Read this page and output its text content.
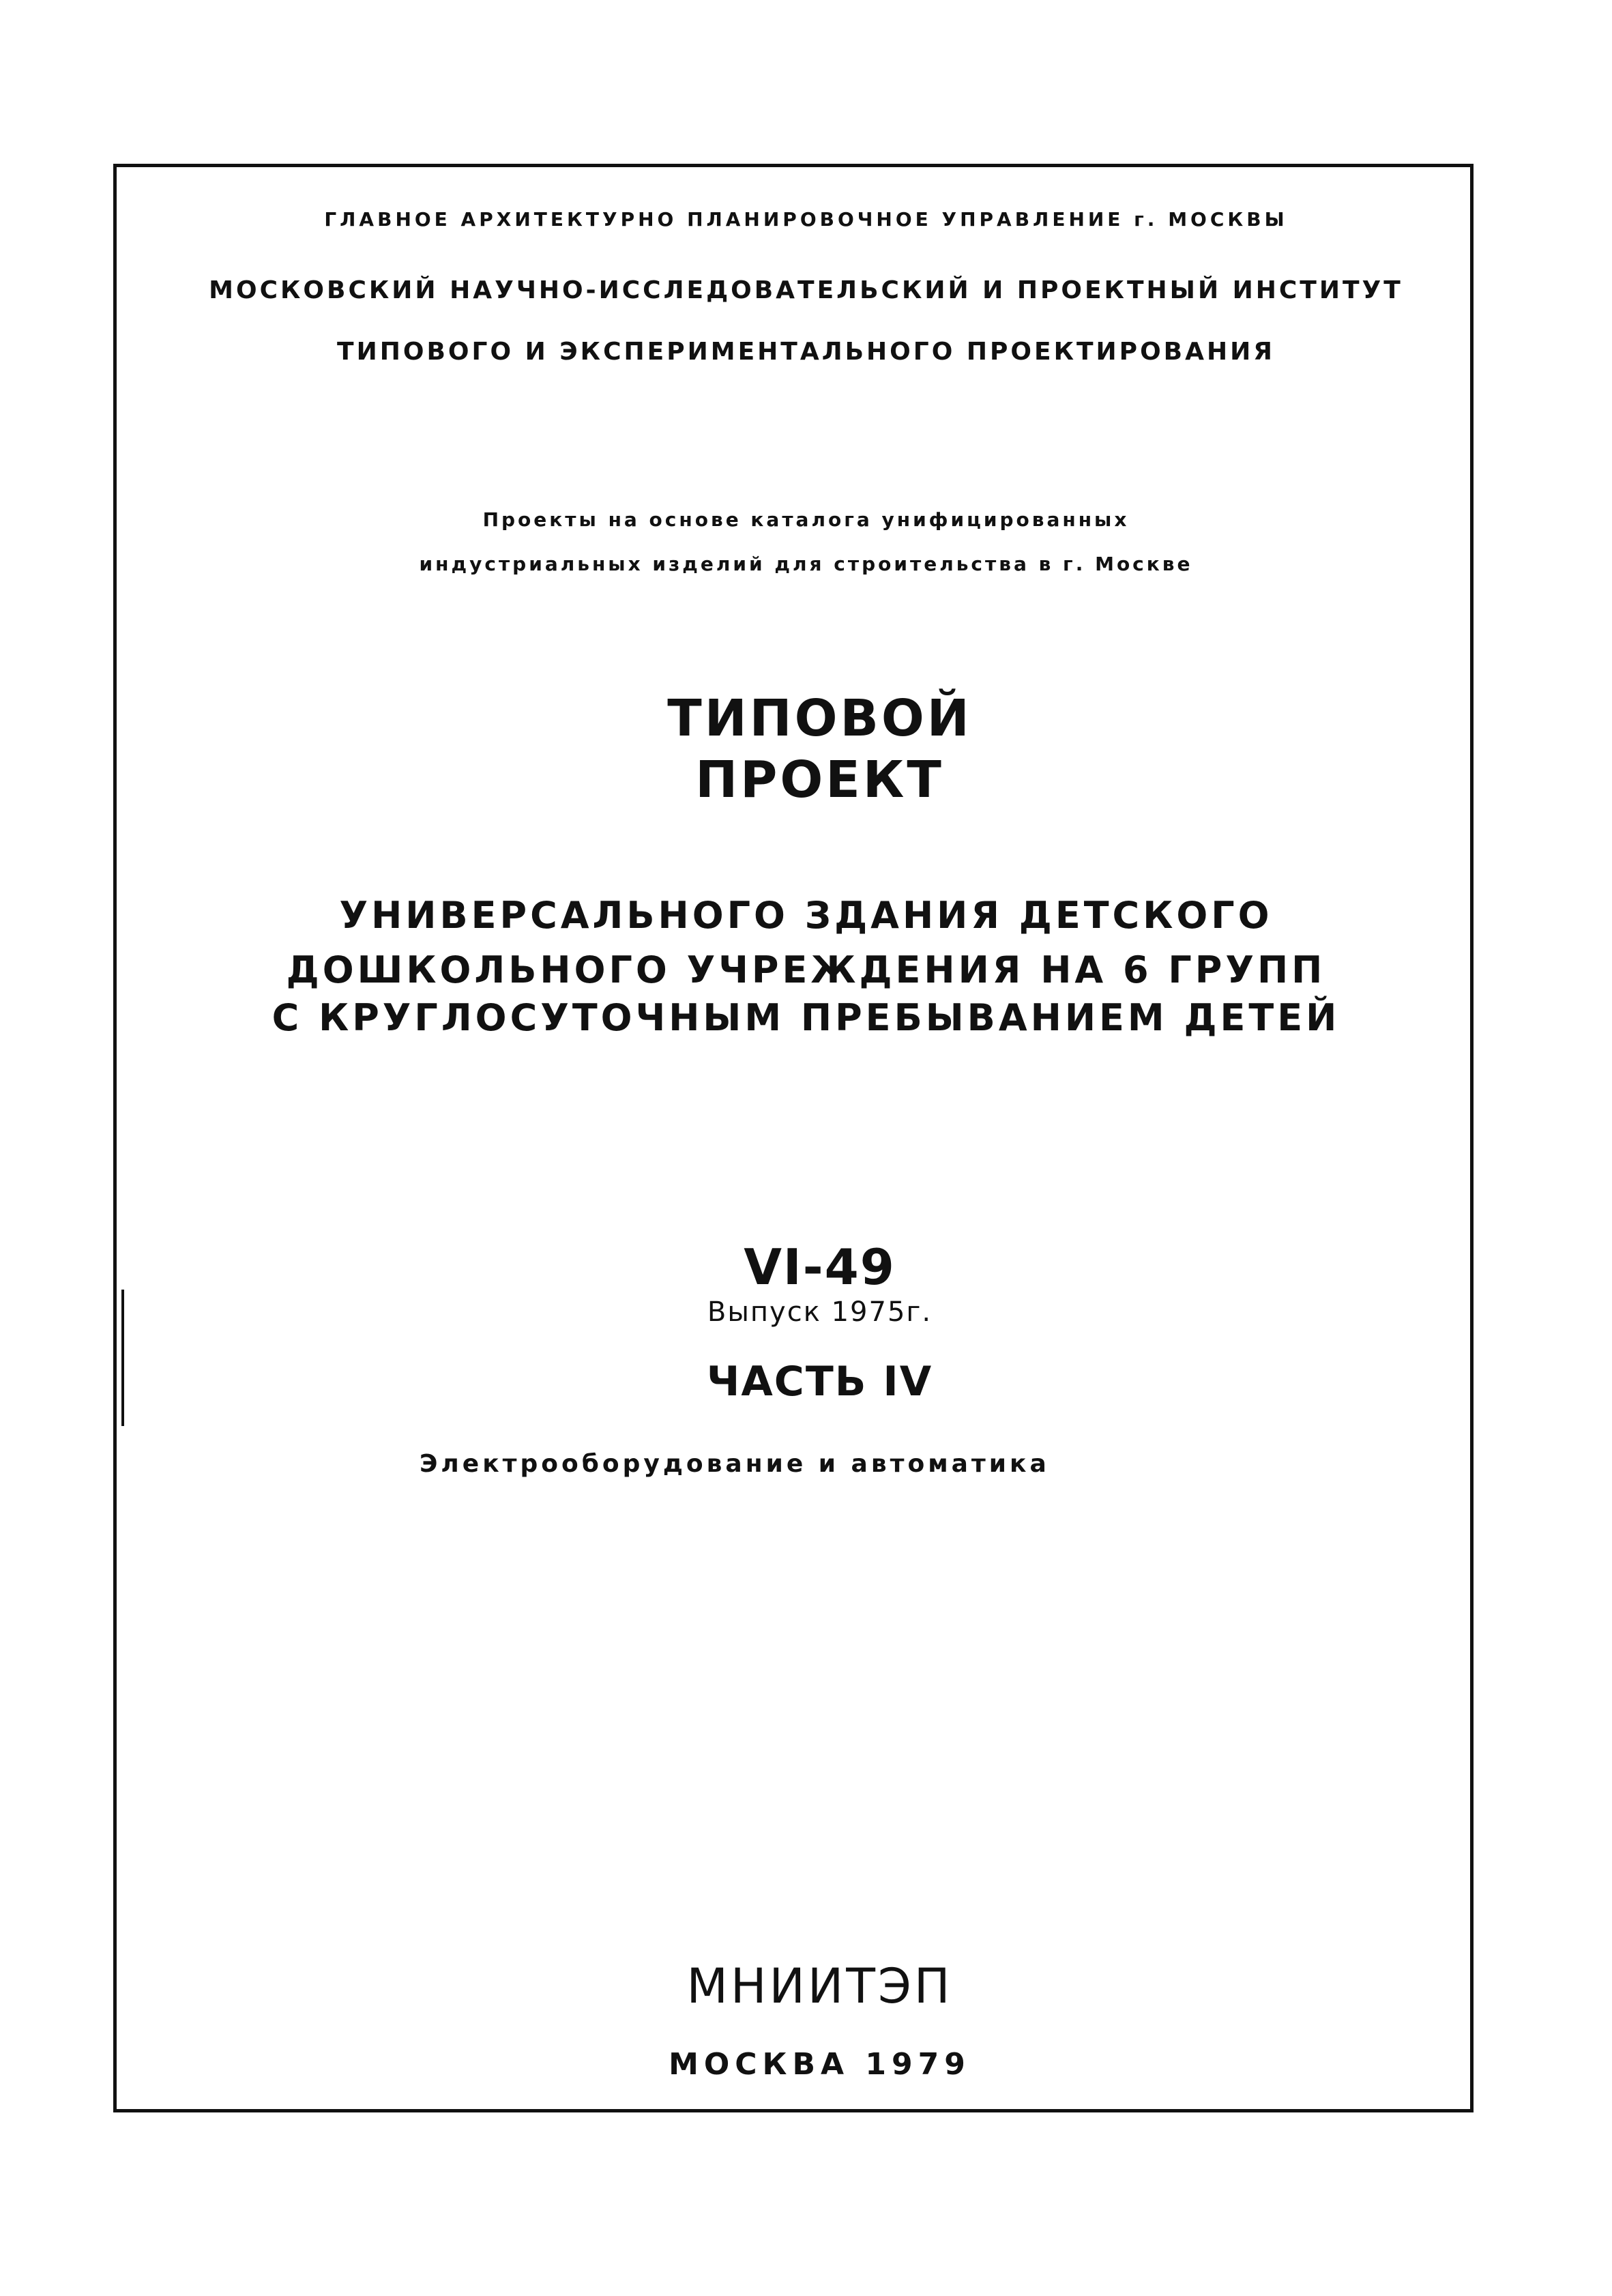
ГЛАВНОЕ АРХИТЕКТУРНО ПЛАНИРОВОЧНОЕ УПРАВЛЕНИЕ г. МОСКВЫ
МОСКОВСКИЙ НАУЧНО-ИССЛЕДОВАТЕЛЬСКИЙ И ПРОЕКТНЫЙ ИНСТИТУТ
ТИПОВОГО И ЭКСПЕРИМЕНТАЛЬНОГО ПРОЕКТИРОВАНИЯ
Проекты на основе каталога унифицированных
индустриальных изделий для строительства в г. Москве
ТИПОВОЙ
ПРОЕКТ
УНИВЕРСАЛЬНОГО ЗДАНИЯ ДЕТСКОГО
ДОШКОЛЬНОГО УЧРЕЖДЕНИЯ НА 6 ГРУПП
С КРУГЛОСУТОЧНЫМ ПРЕБЫВАНИЕМ ДЕТЕЙ
VI-49
Выпуск 1975г.
ЧАСТЬ IV
Электрооборудование и автоматика
МНИИТЭП
МОСКВА 1979
